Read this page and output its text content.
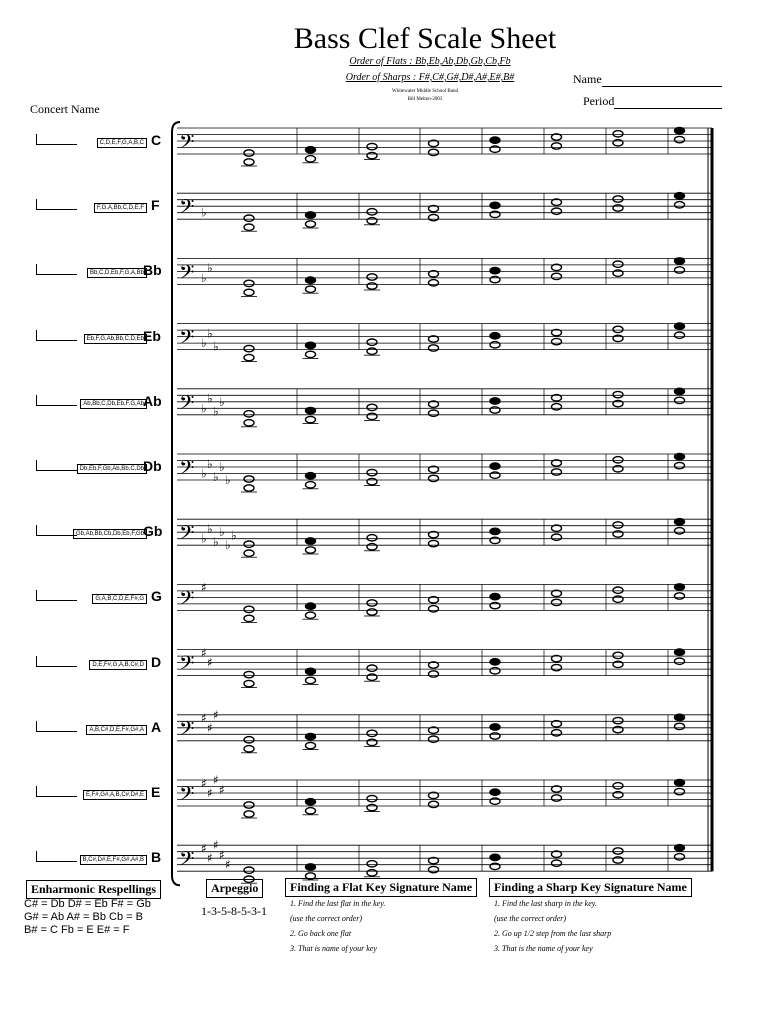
Bass Clef Scale Sheet
Order of Flats : Bb,Eb,Ab,Db,Gb,Cb,Fb
Order of Sharps : F#,C#,G#,D#,A#,E#,B#
Whitewater Middle School Band
Bill Melton-2003
Name
Period
Concert Name
C,D,E,F,G,A,B,C C
F,G,A,Bb,C,D,E,F F
Bb,C,D,Eb,F,G,A,Bb Bb
Eb,F,G,Ab,Bb,C,D,Eb Eb
Ab,Bb,C,Db,Eb,F,G,Ab Ab
Db,Eb,F,Gb,Ab,Bb,C,Db Db
Gb,Ab,Bb,Cb,Db,Eb,F,Gb Gb
G,A,B,C,D,E,F#,G G
D,E,F#,G,A,B,C#,D D
A,B,C#,D,E,F#,G#,A A
E,F#,G#,A,B,C#,D#,E E
B,C#,D#,E,F#,G#,A#,B B
𝄢
𝄢 ♭
𝄢 ♭
♭
𝄢 ♭
♭
♭
𝄢 ♭
♭
♭
♭
𝄢 ♭
♭
♭
♭
♭
𝄢 ♭
♭
♭
♭
♭
♭
𝄢 ♯
𝄢 ♯
♯
𝄢 ♯
♯
♯
𝄢 ♯
♯
♯
♯
𝄢 ♯
♯
♯
♯
♯
Enharmonic Respellings
C# = Db D# = Eb F# = Gb
G# = Ab A# = Bb Cb = B
B# = C Fb = E E# = F
Arpeggio
1-3-5-8-5-3-1
Finding a Flat Key Signature Name
1. Find the last flat in the key.
(use the correct order)
2. Go back one flat
3. That is name of your key
Finding a Sharp Key Signature Name
1. Find the last sharp in the key.
(use the correct order)
2. Go up 1/2 step from the last sharp
3. That is the name of your key
